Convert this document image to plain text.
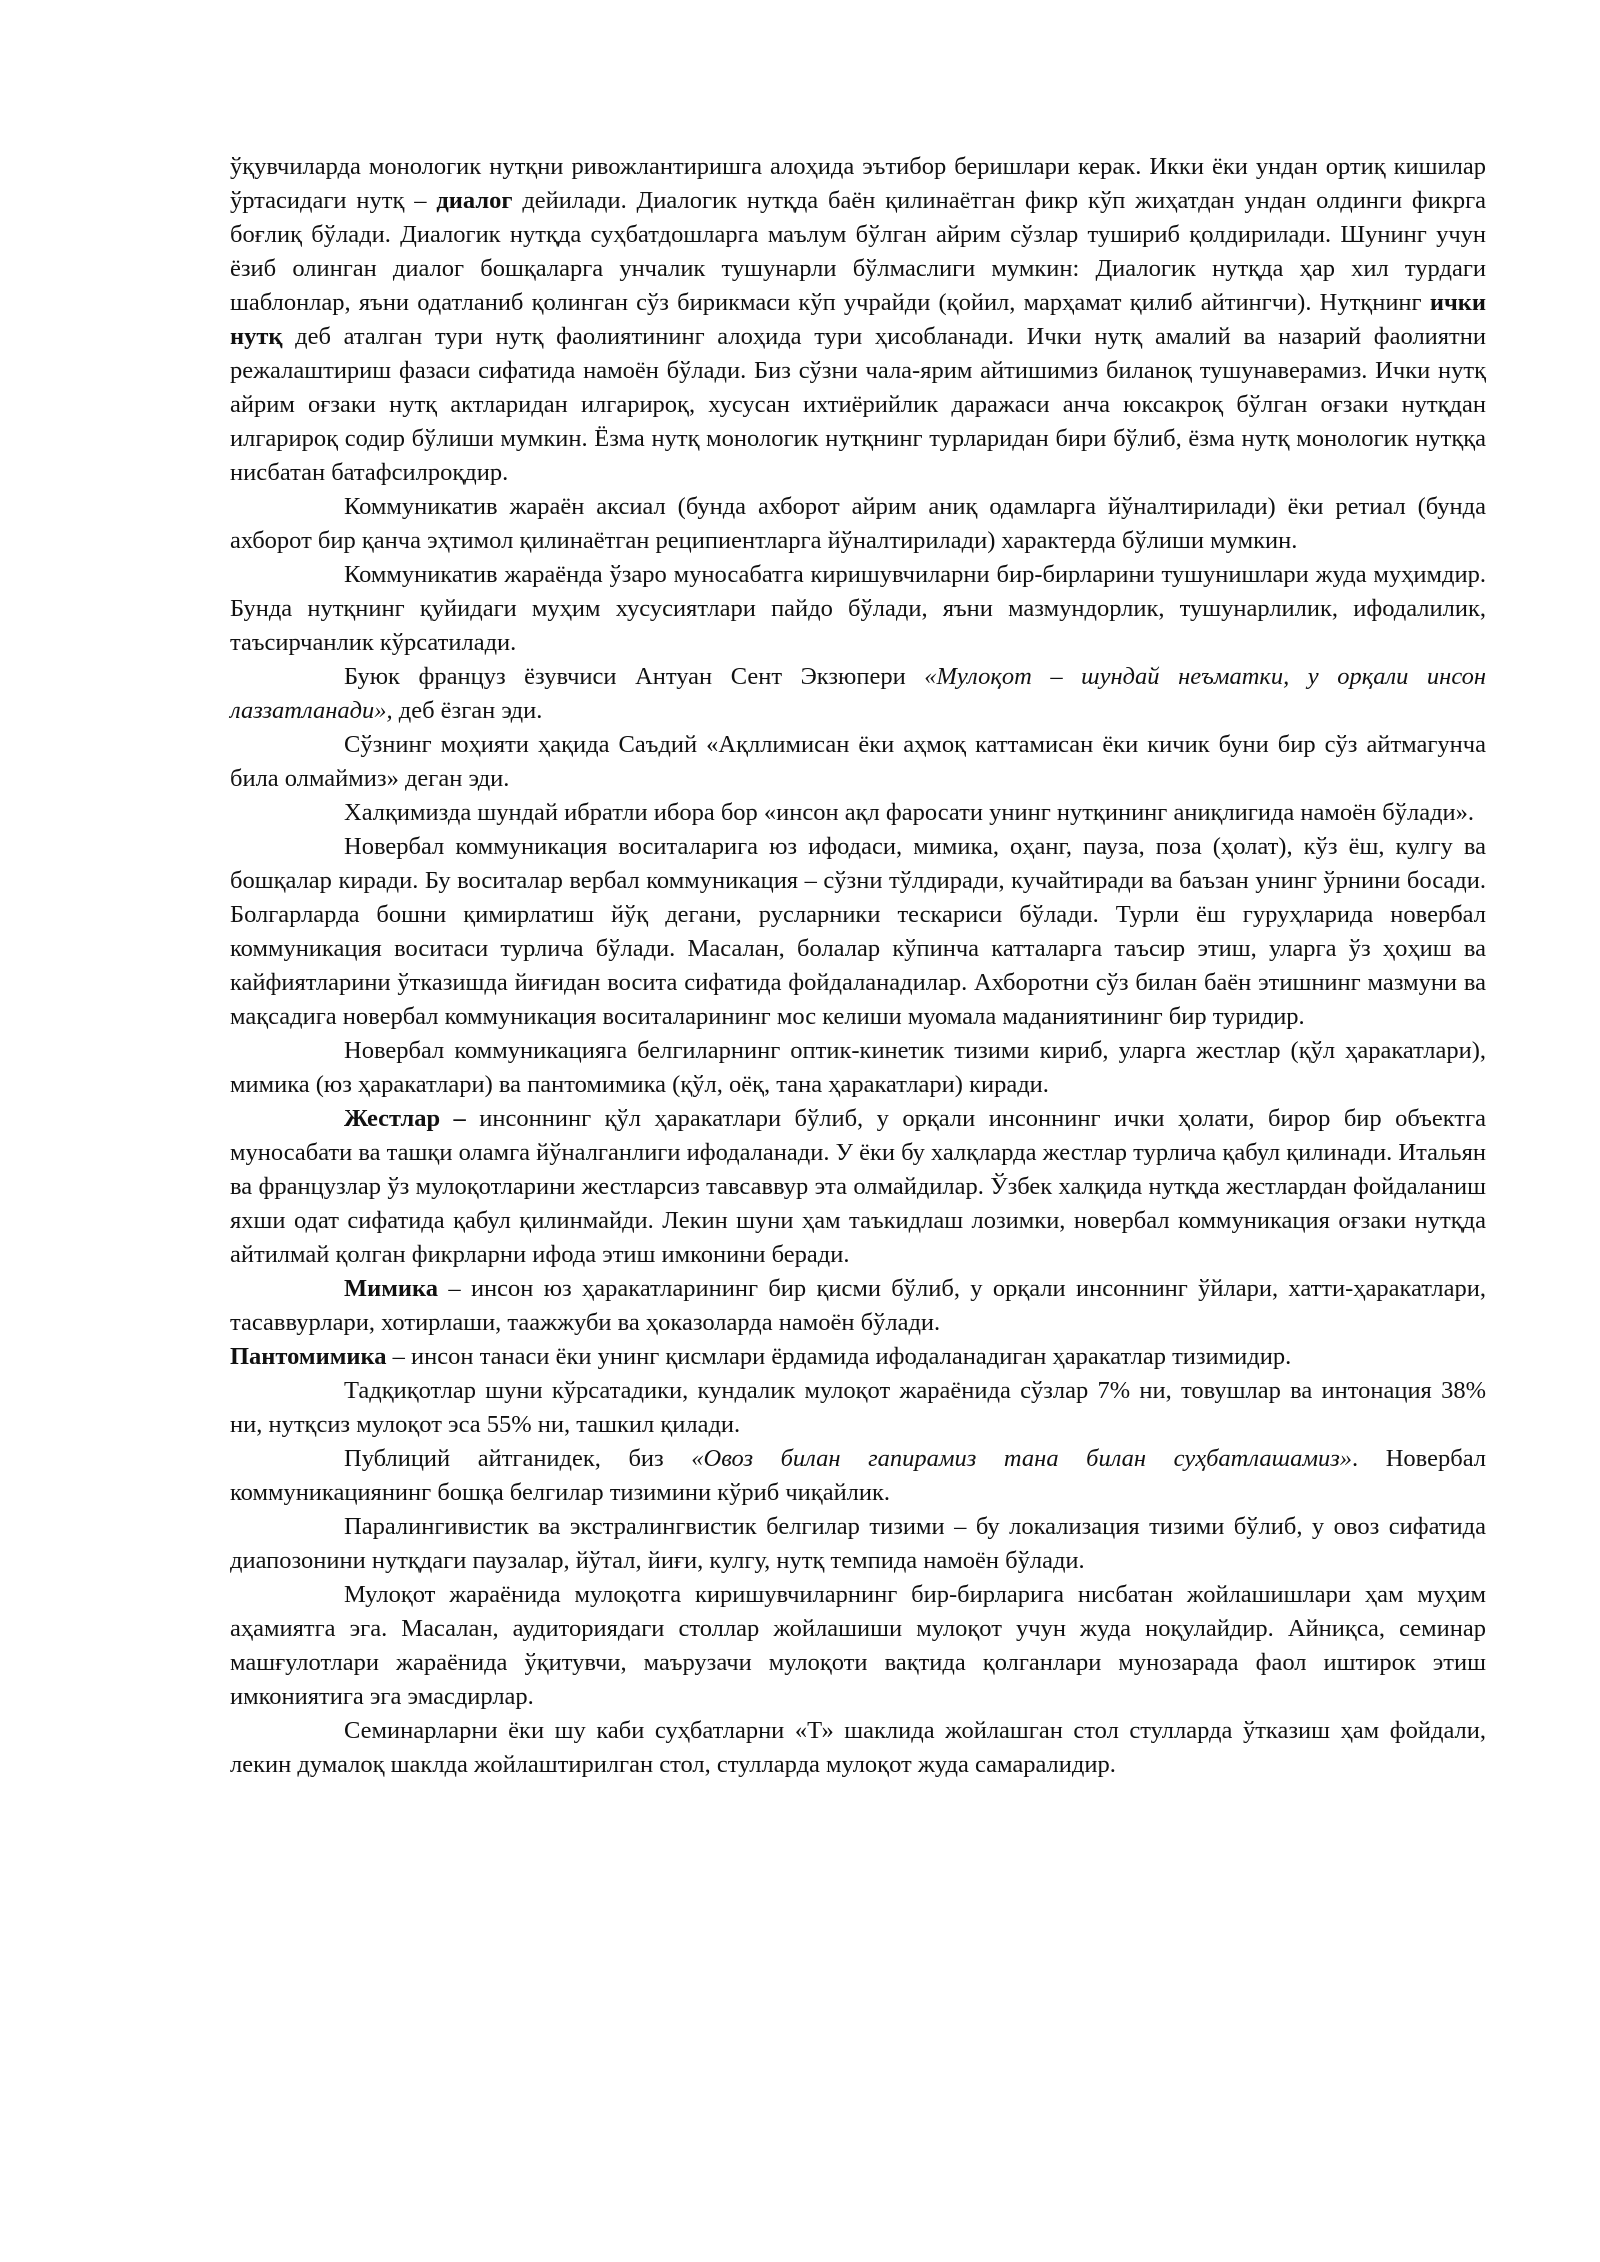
ўқувчиларда монологик нутқни ривожлантиришга алоҳида эътибор беришлари керак. Икки ёки ундан ортиқ кишилар ўртасидаги нутқ – диалог дейилади. Диалогик нутқда баён қилинаётган фикр кўп жиҳатдан ундан олдинги фикрга боғлиқ бўлади. Диалогик нутқда суҳбатдошларга маълум бўлган айрим сўзлар тушириб қолдирилади. Шунинг учун ёзиб олинган диалог бошқаларга унчалик тушунарли бўлмаслиги мумкин: Диалогик нутқда ҳар хил турдаги шаблонлар, яъни одатланиб қолинган сўз бирикмаси кўп учрайди (қойил, марҳамат қилиб айтингчи). Нутқнинг ички нутқ деб аталган тури нутқ фаолиятининг алоҳида тури ҳисобланади. Ички нутқ амалий ва назарий фаолиятни режалаштириш фазаси сифатида намоён бўлади. Биз сўзни чала-ярим айтишимиз биланоқ тушунаверамиз. Ички нутқ айрим оғзаки нутқ актларидан илгарироқ, хусусан ихтиёрийлик даражаси анча юксакроқ бўлган оғзаки нутқдан илгарироқ содир бўлиши мумкин. Ёзма нутқ монологик нутқнинг турларидан бири бўлиб, ёзма нутқ монологик нутққа нисбатан батафсилроқдир.

Коммуникатив жараён аксиал (бунда ахборот айрим аниқ одамларга йўналтирилади) ёки ретиал (бунда ахборот бир қанча эҳтимол қилинаётган реципиентларга йўналтирилади) характерда бўлиши мумкин.

Коммуникатив жараёнда ўзаро муносабатга киришувчиларни бир-бирларини тушунишлари жуда муҳимдир. Бунда нутқнинг қуйидаги муҳим хусусиятлари пайдо бўлади, яъни мазмундорлик, тушунарлилик, ифодалилик, таъсирчанлик кўрсатилади.

Буюк француз ёзувчиси Антуан Сент Экзюпери «Мулоқот – шундай неъматки, у орқали инсон лаззатланади», деб ёзган эди.

Сўзнинг моҳияти ҳақида Саъдий «Ақллимисан ёки аҳмоқ каттамисан ёки кичик буни бир сўз айтмагунча била олмаймиз» деган эди.

Халқимизда шундай ибратли ибора бор «инсон ақл фаросати унинг нутқининг аниқлигида намоён бўлади».

Новербал коммуникация воситаларига юз ифодаси, мимика, оҳанг, пауза, поза (ҳолат), кўз ёш, кулгу ва бошқалар киради. Бу воситалар вербал коммуникация – сўзни тўлдиради, кучайтиради ва баъзан унинг ўрнини босади. Болгарларда бошни қимирлатиш йўқ дегани, русларники тескариси бўлади. Турли ёш гуруҳларида новербал коммуникация воситаси турлича бўлади. Масалан, болалар кўпинча катталарга таъсир этиш, уларга ўз ҳоҳиш ва кайфиятларини ўтказишда йиғидан восита сифатида фойдаланадилар. Ахборотни сўз билан баён этишнинг мазмуни ва мақсадига новербал коммуникация воситаларининг мос келиши муомала маданиятининг бир туридир.

Новербал коммуникацияга белгиларнинг оптик-кинетик тизими кириб, уларга жестлар (қўл ҳаракатлари), мимика (юз ҳаракатлари) ва пантомимика (қўл, оёқ, тана ҳаракатлари) киради.

Жестлар – инсоннинг қўл ҳаракатлари бўлиб, у орқали инсоннинг ички ҳолати, бирор бир объектга муносабати ва ташқи оламга йўналганлиги ифодаланади. У ёки бу халқларда жестлар турлича қабул қилинади. Итальян ва французлар ўз мулоқотларини жестларсиз тавсаввур эта олмайдилар. Ўзбек халқида нутқда жестлардан фойдаланиш яхши одат сифатида қабул қилинмайди. Лекин шуни ҳам таъкидлаш лозимки, новербал коммуникация оғзаки нутқда айтилмай қолган фикрларни ифода этиш имконини беради.

Мимика – инсон юз ҳаракатларининг бир қисми бўлиб, у орқали инсоннинг ўйлари, хатти-ҳаракатлари, тасаввурлари, хотирлаши, таажжуби ва ҳоказоларда намоён бўлади.

Пантомимика – инсон танаси ёки унинг қисмлари ёрдамида ифодаланадиган ҳаракатлар тизимидир.

Тадқиқотлар шуни кўрсатадики, кундалик мулоқот жараёнида сўзлар 7% ни, товушлар ва интонация 38% ни, нутқсиз мулоқот эса 55% ни, ташкил қилади.

Публиций айтганидек, биз «Овоз билан гапирамиз тана билан суҳбатлашамиз». Новербал коммуникациянинг бошқа белгилар тизимини кўриб чиқайлик.

Паралингивистик ва экстралингвистик белгилар тизими – бу локализация тизими бўлиб, у овоз сифатида диапозонини нутқдаги паузалар, йўтал, йиғи, кулгу, нутқ темпида намоён бўлади.

Мулоқот жараёнида мулоқотга киришувчиларнинг бир-бирларига нисбатан жойлашишлари ҳам муҳим аҳамиятга эга. Масалан, аудиториядаги столлар жойлашиши мулоқот учун жуда ноқулайдир. Айниқса, семинар машғулотлари жараёнида ўқитувчи, маърузачи мулоқоти вақтида қолганлари мунозарада фаол иштирок этиш имкониятига эга эмасдирлар.

Семинарларни ёки шу каби суҳбатларни «Т» шаклида жойлашган стол стулларда ўтказиш ҳам фойдали, лекин думалоқ шаклда жойлаштирилган стол, стулларда мулоқот жуда самаралидир.
